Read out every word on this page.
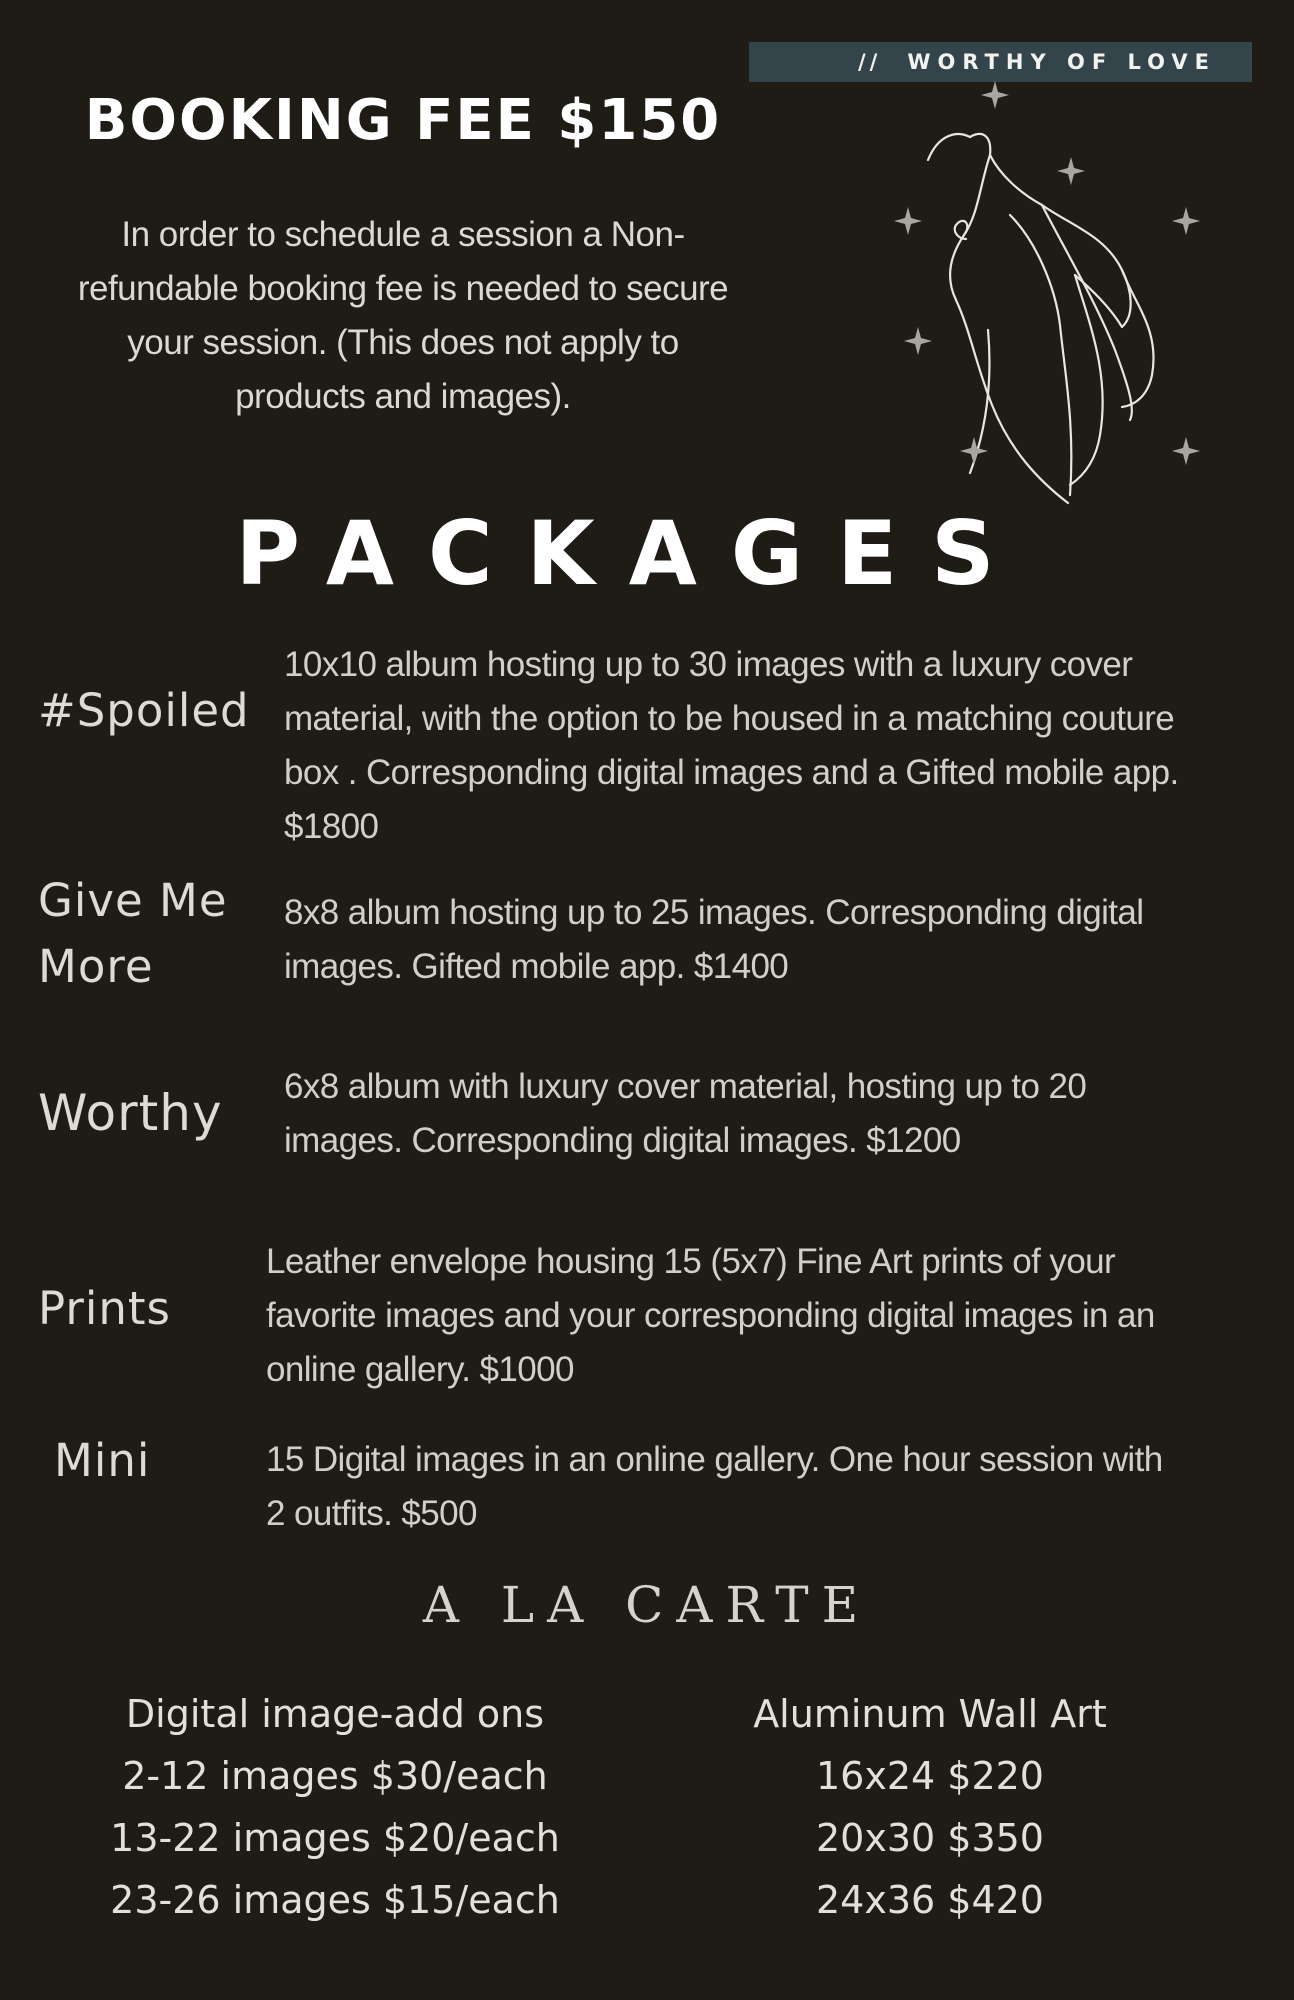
// WORTHY OF LOVE
BOOKING FEE $150
In order to schedule a session a Non-
refundable booking fee is needed to secure
your session. (This does not apply to
products and images).
PACKAGES
#Spoiled
10x10 album hosting up to 30 images with a luxury cover
material, with the option to be housed in a matching couture
box . Corresponding digital images and a Gifted mobile app.
$1800
Give Me
More
8x8 album hosting up to 25 images. Corresponding digital
images. Gifted mobile app. $1400
Worthy 6x8 album with luxury cover material, hosting up to 20
images. Corresponding digital images. $1200
Prints
Leather envelope housing 15 (5x7) Fine Art prints of your
favorite images and your corresponding digital images in an
online gallery. $1000
Mini	15 Digital images in an online gallery. One hour session with
2 outfits. $500
A LA CARTE
Digital image-add ons
2-12 images $30/each
13-22 images $20/each
23-26 images $15/each
Aluminum Wall Art
16x24 $220
20x30 $350
24x36 $420
